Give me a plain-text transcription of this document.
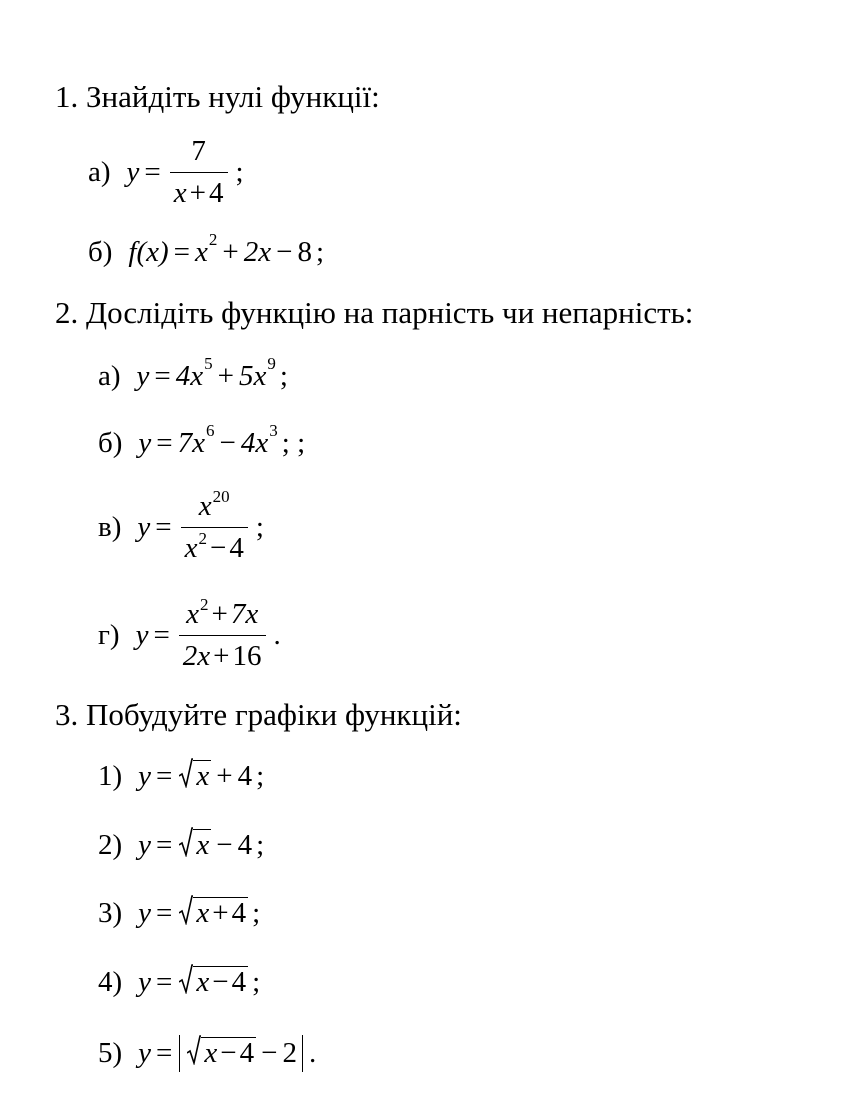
1. Знайдіть нулі функції:
а) $y = \frac{7}{x + 4}$ ;
б) f $(x) = x^2 + 2x - 8$ ;
2. Дослідіть функцію на парність чи непарність:
а) $y = 4x^5 + 5x^9$ ;
б) $y = 7x^6 - 4x^3$ ; ;
в) $y = \frac{x^{20}}{x^2 - 4}$ ;
г) $y = \frac{x^2 + 7x}{2x + 16}$ .
3. Побудуйте графіки функцій:
1) y = x + 4 ;
2) y = x − 4 ;
3) y = x + 4 ;
4) y = x − 4 ;
5) y = x − 4 − 2 .
